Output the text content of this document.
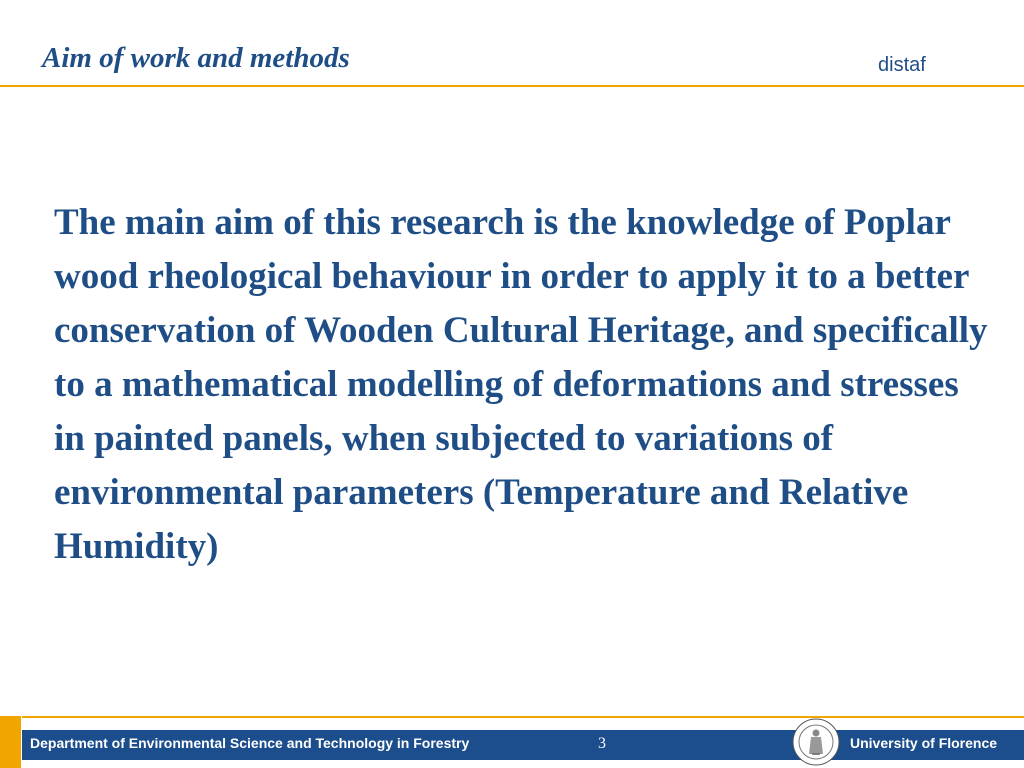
Aim of work and methods	distaf

The main aim of this research is the knowledge of Poplar wood rheological behaviour in order to apply it to a better conservation of Wooden Cultural Heritage, and specifically to a mathematical modelling of deformations and stresses in painted panels, when subjected to variations of environmental parameters (Temperature and Relative Humidity)

Department of Environmental Science and Technology in Forestry	3	University of Florence
